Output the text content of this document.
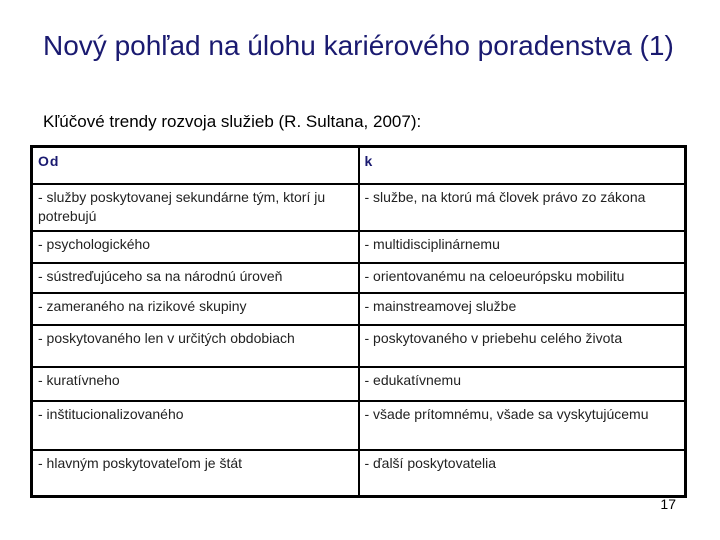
Nový pohľad na úlohu kariérového poradenstva (1)
Kľúčové trendy rozvoja služieb (R. Sultana, 2007):
Od	k
- služby poskytovanej sekundárne tým, ktorí ju potrebujú	- službe, na ktorú má človek právo zo zákona
- psychologického	- multidisciplinárnemu
- sústreďujúceho sa na národnú úroveň	- orientovanému na celoeurópsku mobilitu
- zameraného na rizikové skupiny	- mainstreamovej službe
- poskytovaného len v určitých obdobiach	- poskytovaného v priebehu celého života
- kuratívneho	- edukatívnemu
- inštitucionalizovaného	- všade prítomnému, všade sa vyskytujúcemu
- hlavným poskytovateľom je štát	- ďalší poskytovatelia
17
